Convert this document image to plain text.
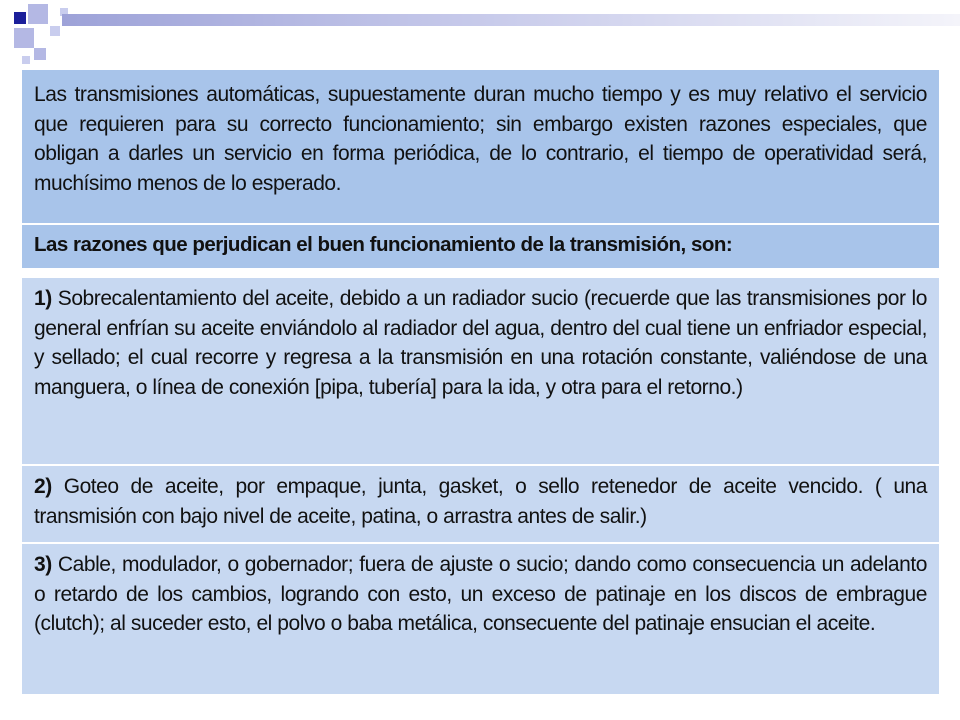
Las transmisiones automáticas, supuestamente duran mucho tiempo y es muy relativo el servicio que requieren para su correcto funcionamiento; sin embargo existen razones especiales, que obligan a darles un servicio en forma periódica, de lo contrario, el tiempo de operatividad será, muchísimo menos de lo esperado.
Las razones que perjudican el buen funcionamiento de la transmisión, son:
1) Sobrecalentamiento del aceite, debido a un radiador sucio (recuerde que las transmisiones por lo general enfrían su aceite enviándolo al radiador del agua, dentro del cual tiene un enfriador especial, y sellado; el cual recorre y regresa a la transmisión en una rotación constante, valiéndose de una manguera, o línea de conexión [pipa, tubería] para la ida, y otra para el retorno.)
2) Goteo de aceite, por empaque, junta, gasket, o sello retenedor de aceite vencido. ( una transmisión con bajo nivel de aceite, patina, o arrastra antes de salir.)
3) Cable, modulador, o gobernador; fuera de ajuste o sucio; dando como consecuencia un adelanto o retardo de los cambios, logrando con esto, un exceso de patinaje en los discos de embrague (clutch); al suceder esto, el polvo o baba metálica, consecuente del patinaje ensucian el aceite.
